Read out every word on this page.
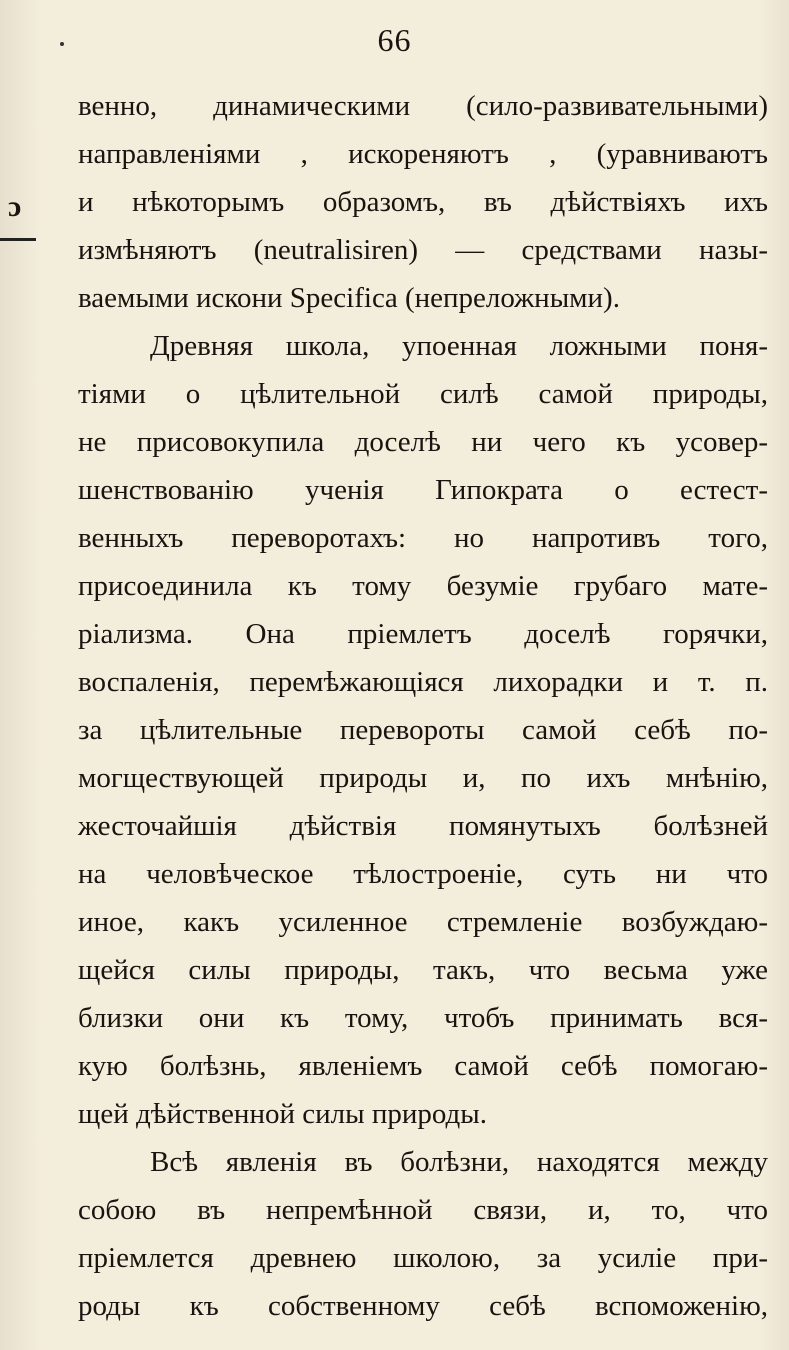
66
ɔ
венно, динамическими (сило-развивательными)
направленіями , искореняютъ , (уравниваютъ
и нѣкоторымъ образомъ, въ дѣйствіяхъ ихъ
измѣняютъ (neutralisiren) — средствами назы-
ваемыми искони Specifica (непреложными).
Древняя школа, упоенная ложными поня-
тіями о цѣлительной силѣ самой природы,
не присовокупила доселѣ ни чего къ усовер-
шенствованію ученія Гипократа о естест-
венныхъ переворотахъ: но напротивъ того,
присоединила къ тому безуміе грубаго мате-
ріализма. Она пріемлетъ доселѣ горячки,
воспаленія, перемѣжающіяся лихорадки и т. п.
за цѣлительные перевороты самой себѣ по-
могществующей природы и, по ихъ мнѣнію,
жесточайшія дѣйствія помянутыхъ болѣзней
на человѣческое тѣлостроеніе, суть ни что
иное, какъ усиленное стремленіе возбуждаю-
щейся силы природы, такъ, что весьма уже
близки они къ тому, чтобъ принимать вся-
кую болѣзнь, явленіемъ самой себѣ помогаю-
щей дѣйственной силы природы.
Всѣ явленія въ болѣзни, находятся между
собою въ непремѣнной связи, и, то, что
пріемлется древнею школою, за усиліе при-
роды къ собственному себѣ вспоможенію,
